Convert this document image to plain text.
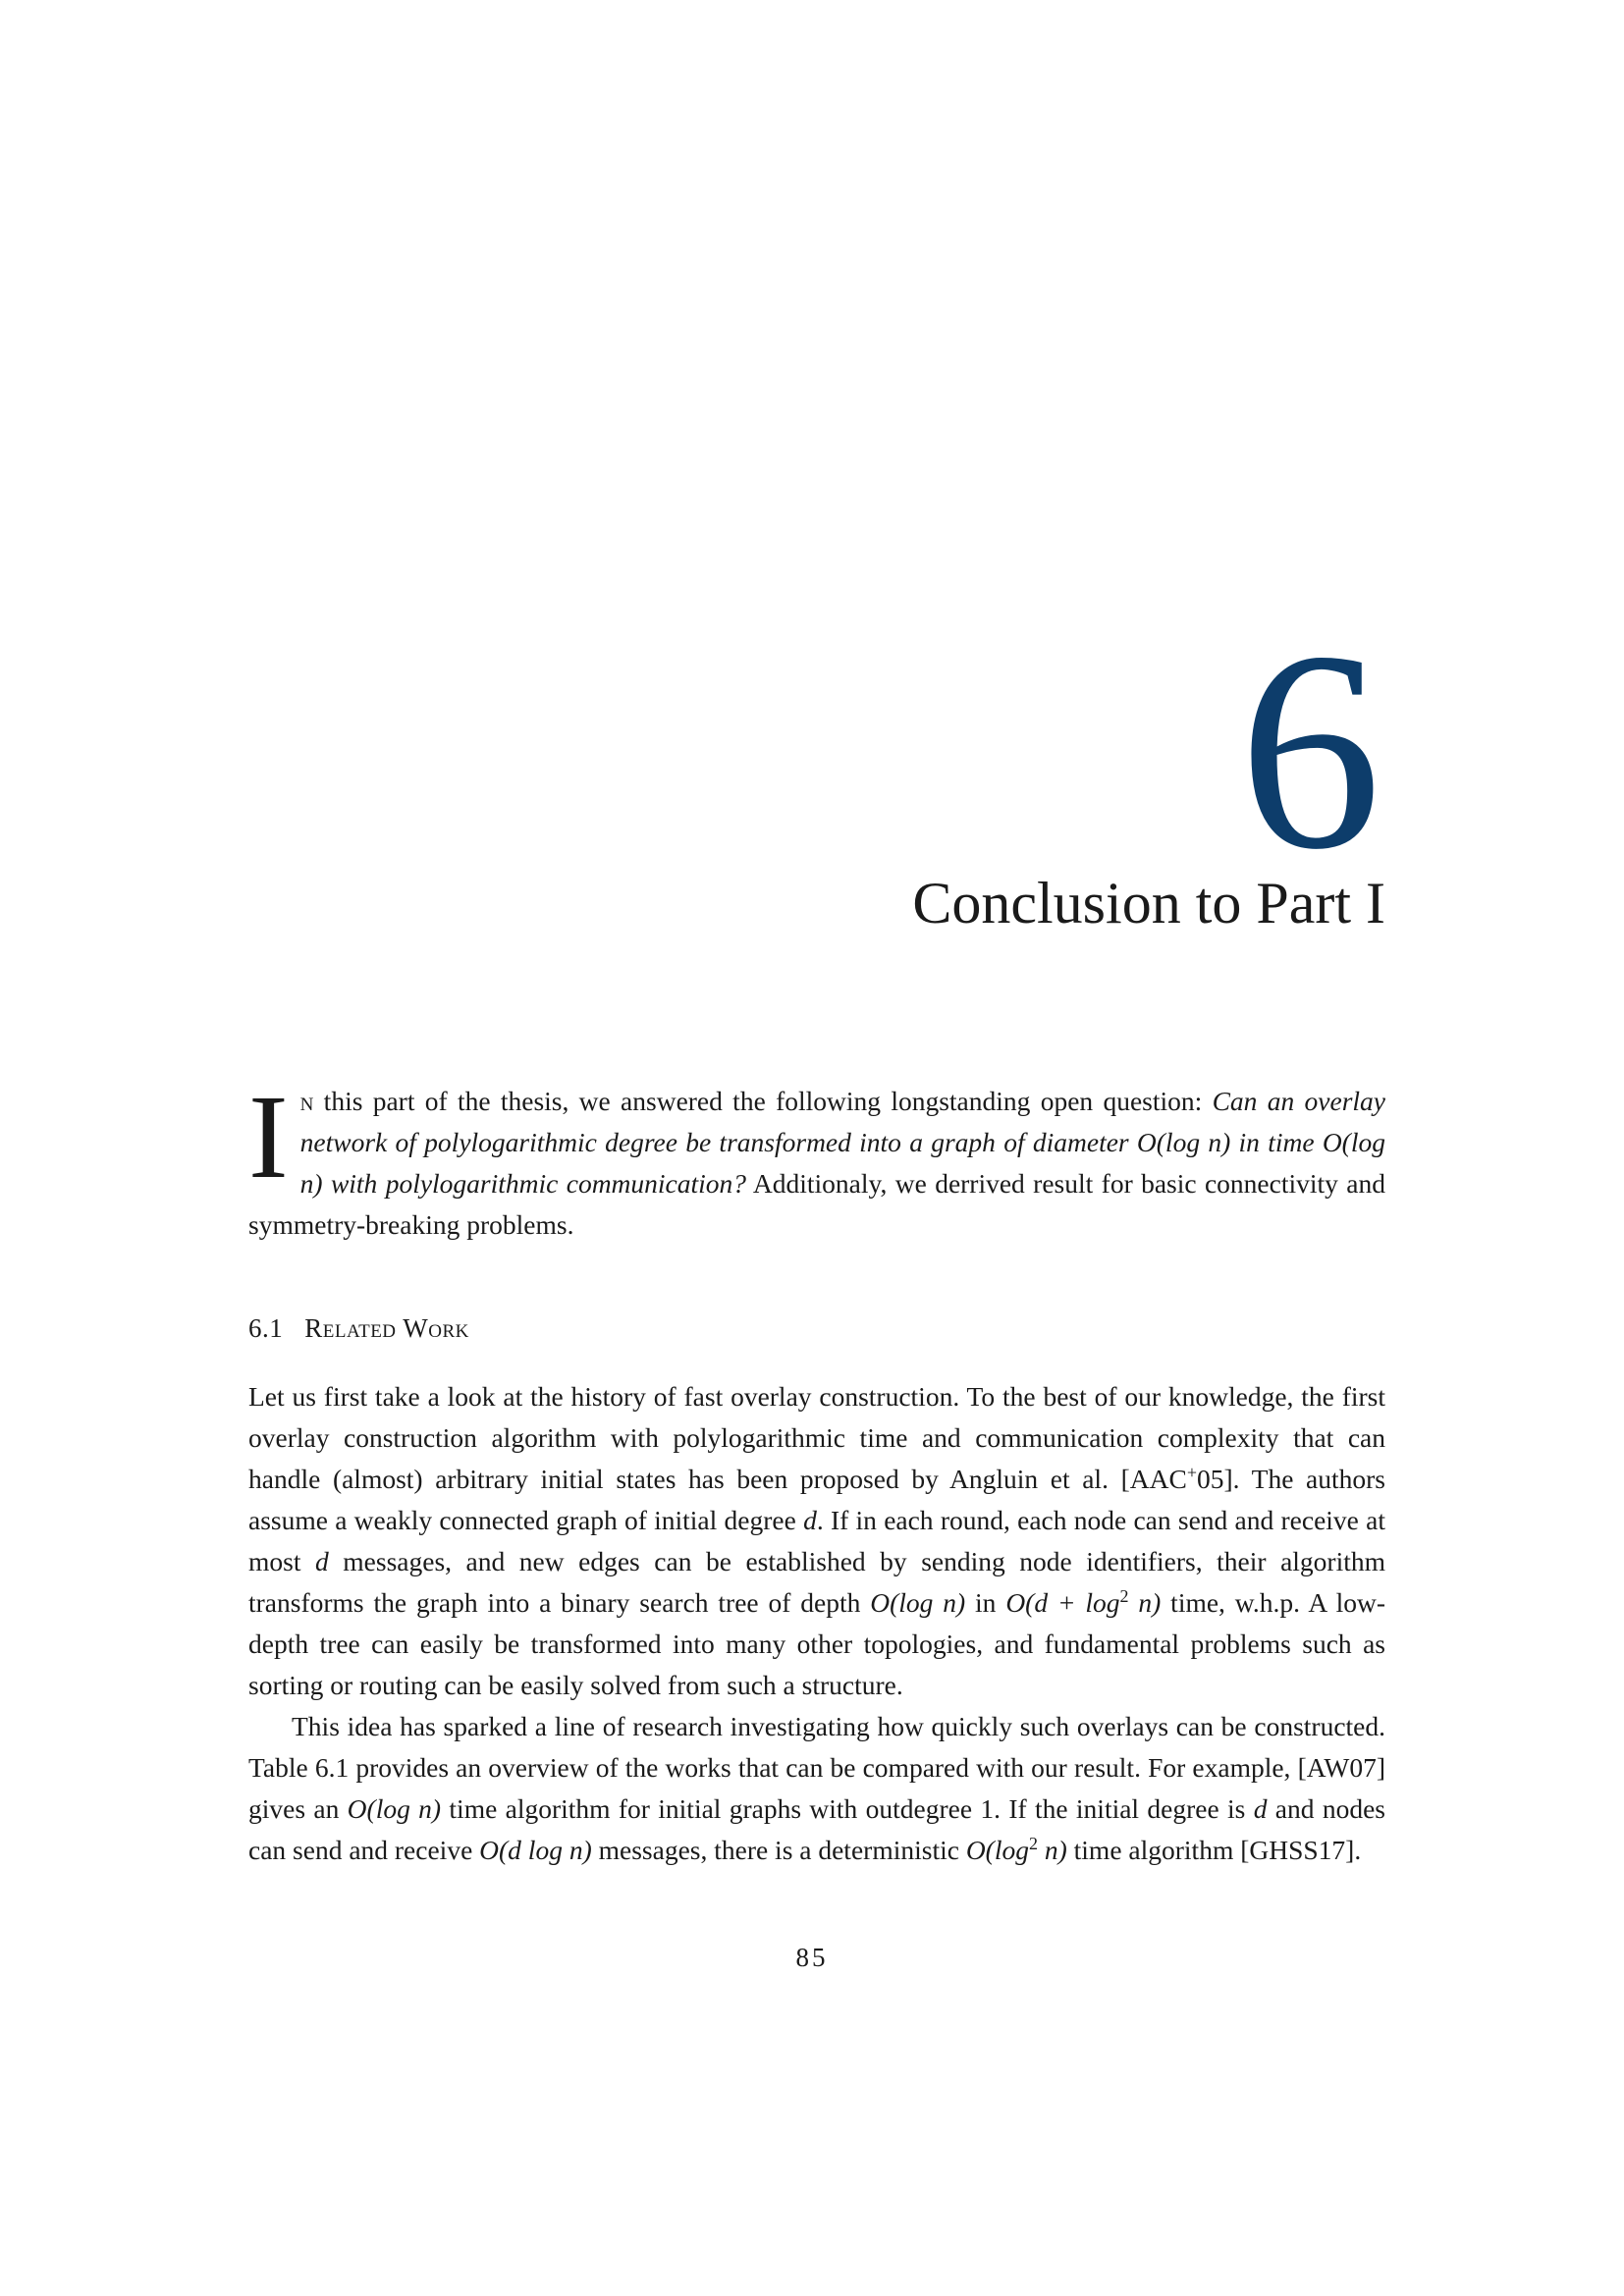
6
Conclusion to Part I
In this part of the thesis, we answered the following longstanding open question: Can an overlay network of polylogarithmic degree be transformed into a graph of diameter O(log n) in time O(log n) with polylogarithmic communication? Additionaly, we derrived result for basic connectivity and symmetry-breaking problems.
6.1 Related Work

Let us first take a look at the history of fast overlay construction. To the best of our knowledge, the first overlay construction algorithm with polylogarithmic time and communication complexity that can handle (almost) arbitrary initial states has been proposed by Angluin et al. [AAC+05]. The authors assume a weakly connected graph of initial degree d. If in each round, each node can send and receive at most d messages, and new edges can be established by sending node identifiers, their algorithm transforms the graph into a binary search tree of depth O(log n) in $O(d + \log^2 n)$ time, w.h.p. A low-depth tree can easily be transformed into many other topologies, and fundamental problems such as sorting or routing can be easily solved from such a structure.

This idea has sparked a line of research investigating how quickly such overlays can be constructed. Table 6.1 provides an overview of the works that can be compared with our result. For example, [AW07] gives an O(log n) time algorithm for initial graphs with outdegree 1. If the initial degree is d and nodes can send and receive O(d log n) messages, there is a deterministic $O(\log^2$ n) time algorithm [GHSS17].

85
